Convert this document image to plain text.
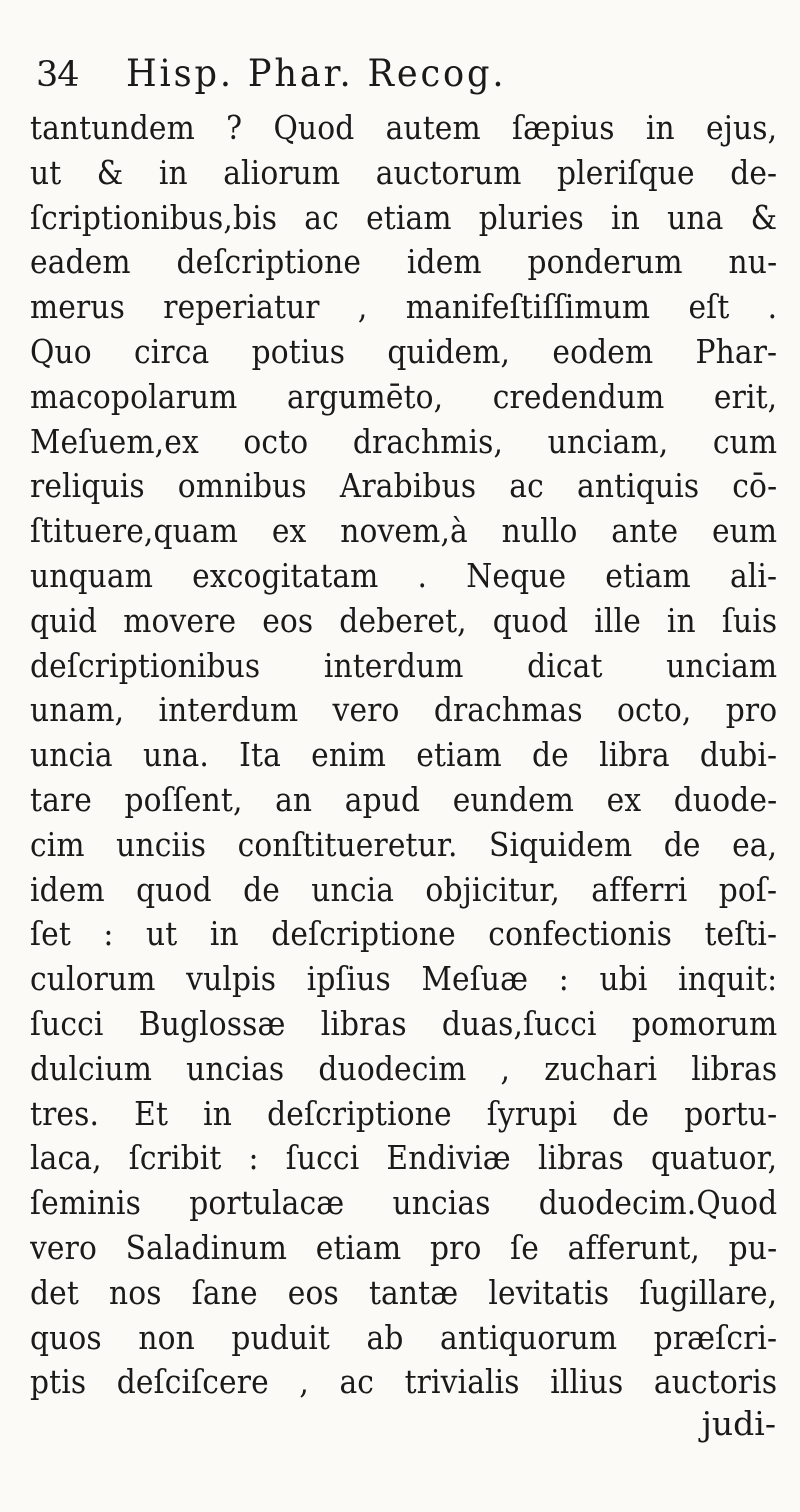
34	Hisp. Phar. Recog.
tantundem ? Quod autem ſæpius in ejus,
ut & in aliorum auctorum pleriſque de-
ſcriptionibus,bis ac etiam pluries in una &
eadem deſcriptione idem ponderum nu-
merus reperiatur , manifeſtiſſimum eſt .
Quo circa potius quidem, eodem Phar-
macopolarum argumēto, credendum erit,
Meſuem,ex octo drachmis, unciam, cum
reliquis omnibus Arabibus ac antiquis cō-
ſtituere,quam ex novem,à nullo ante eum
unquam excogitatam . Neque etiam ali-
quid movere eos deberet, quod ille in ſuis
deſcriptionibus interdum dicat unciam
unam, interdum vero drachmas octo, pro
uncia una. Ita enim etiam de libra dubi-
tare poſſent, an apud eundem ex duode-
cim unciis conſtitueretur. Siquidem de ea,
idem quod de uncia objicitur, afferri poſ-
ſet : ut in deſcriptione confectionis teſti-
culorum vulpis ipſius Meſuæ : ubi inquit:
ſucci Buglossæ libras duas,ſucci pomorum
dulcium uncias duodecim , zuchari libras
tres. Et in deſcriptione ſyrupi de portu-
laca, ſcribit : ſucci Endiviæ libras quatuor,
ſeminis portulacæ uncias duodecim.Quod
vero Saladinum etiam pro ſe afferunt, pu-
det nos ſane eos tantæ levitatis ſugillare,
quos non puduit ab antiquorum præſcri-
ptis deſciſcere , ac trivialis illius auctoris
judi-
